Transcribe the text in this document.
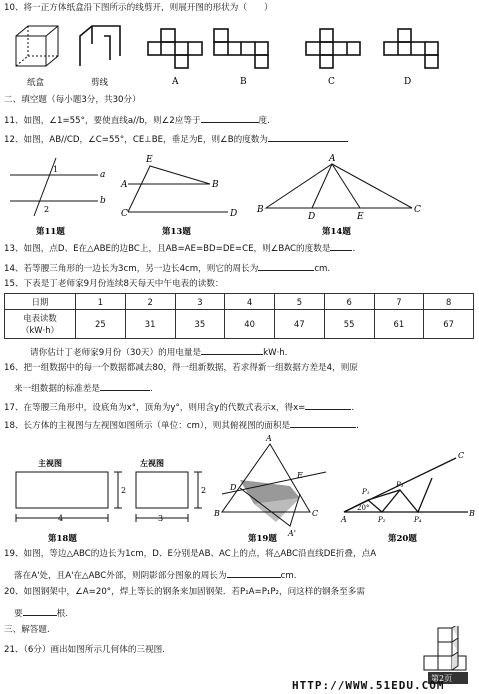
10、将一正方体纸盒沿下图所示的线剪开，则展开图的形状为（　　）
纸盒	剪线	A	B	C	D
二、填空题（每小题3分，共30分）
11、如图，∠1=55°，要使直线a//b，则∠2应等于	度.
12、如图，AB//CD，∠C=55°，CE⊥BE，垂足为E，则∠B的度数为
a
b
1
2
A	B
C	D
E	A
B	C
D	E
第11题	第13题	第14题
13、如图，点D、E在△ABE的边BC上，且AB=AE=BD=DE=CE，则∠BAC的度数是	.
14、若等腰三角形的一边长为3cm，另一边长4cm，则它的周长为	cm.
15、下表是丁老师家9月份连续8天每天中午电表的读数：
日期	1	2	3	4	5	6	7	8

电表读数
（kW·h）	25	31	35	40	47	55	61	67
请你估计丁老师家9月份（30天）的用电量是	kW·h.
16、把一组数据中的每一个数据都减去80，得一组新数据，若求得新一组数据方差是4，则原
来一组数据的标准差是	.
17、在等腰三角形中，设底角为x°，顶角为y°，则用含y的代数式表示x，得x=	.
18、长方体的主视图与左视图如图所示（单位：cm），则其俯视图的面积是	.
主视图	左视图
2	2
4	3
A
D
E
B	C
A'
A
C
B
P₁
P₃
P₂	P₄
20°
第18题	第19题	第20题
19、如图，等边△ABC的边长为1cm，D、E分别是AB、AC上的点，将△ABC沿直线DE折叠，点A
落在A'处，且A'在△ABC外部，则阴影部分图象的周长为	cm.
20、如图钢架中，∠A=20°，焊上等长的钢条来加固钢架．若P₁A=P₁P₂，问这样的钢条至多需
要	根.
三、解答题.
21、（6分）画出如图所示几何体的三视图.
第2页
HTTP://WWW.51EDU.COM
